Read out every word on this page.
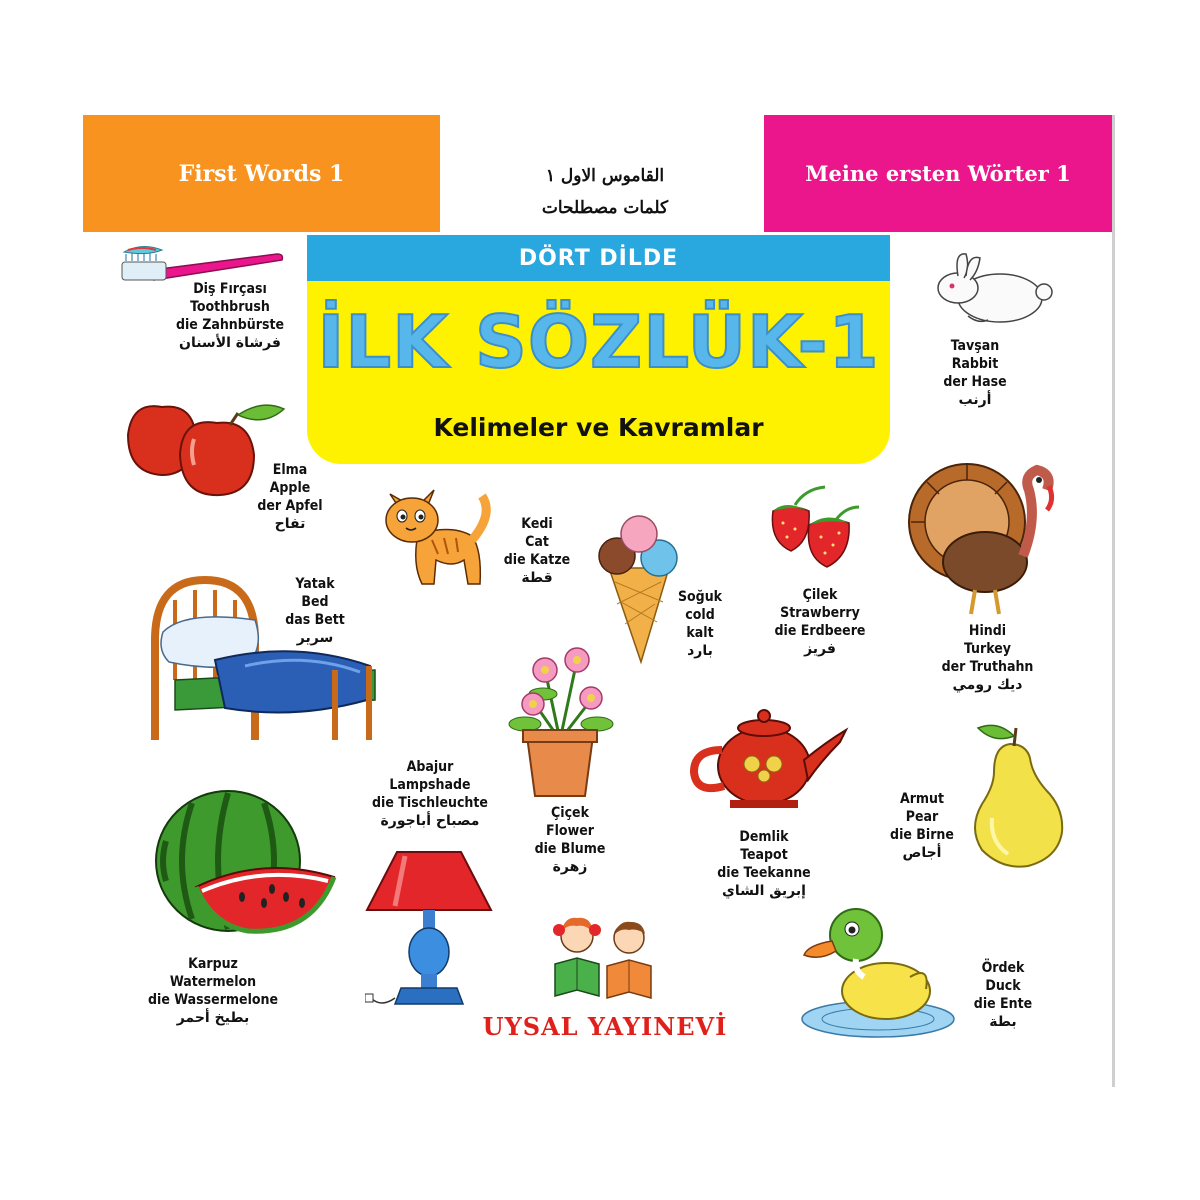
First Words 1	Meine ersten Wörter 1
القاموس الاول ١
كلمات مصطلحات
DÖRT DİLDE
İLK SÖZLÜK-1
Kelimeler ve Kavramlar
Diş Fırçası
Toothbrush
die Zahnbürste
فرشاة الأسنان	Tavşan
Rabbit
der Hase
أرنب
Elma
Apple
der Apfel
تفاح	Kedi
Cat
die Katze
قطة
Soğuk
cold
kalt
بارد
Çilek
Strawberry
die Erdbeere
فريز
Hindi
Turkey
der Truthahn
ديك رومي
Yatak
Bed
das Bett
سرير
Abajur
Lampshade
die Tischleuchte
مصباح أباجورة	Çiçek
Flower
die Blume
زهرة
Demlik
Teapot
die Teekanne
إبريق الشاي
Armut
Pear
die Birne
أجاص
Karpuz
Watermelon
die Wassermelone
بطيخ أحمر
Ördek
Duck
die Ente
بطة
UYSAL YAYINEVİ
